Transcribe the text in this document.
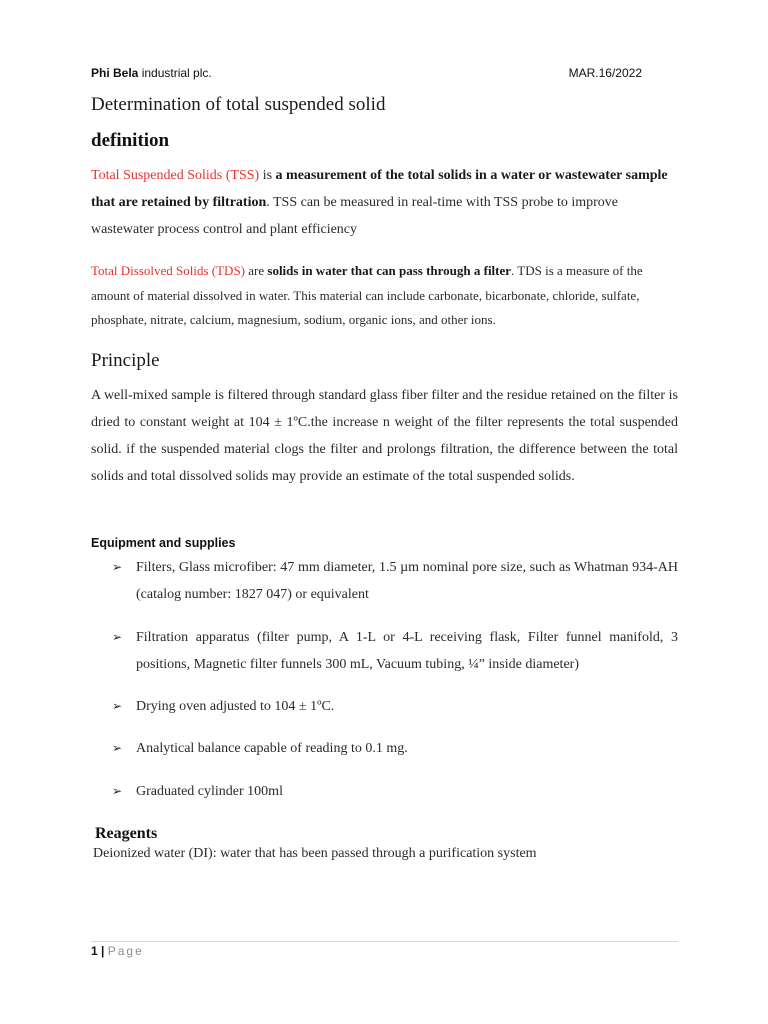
Phi Bela industrial plc.	MAR.16/2022
Determination of total suspended solid
definition

Total Suspended Solids (TSS) is a measurement of the total solids in a water or wastewater sample that are retained by filtration. TSS can be measured in real-time with TSS probe to improve wastewater process control and plant efficiency

Total Dissolved Solids (TDS) are solids in water that can pass through a filter. TDS is a measure of the amount of material dissolved in water. This material can include carbonate, bicarbonate, chloride, sulfate, phosphate, nitrate, calcium, magnesium, sodium, organic ions, and other ions.

Principle

A well-mixed sample is filtered through standard glass fiber filter and the residue retained on the filter is dried to constant weight at 104 ± 1ºC.the increase n weight of the filter represents the total suspended solid. if the suspended material clogs the filter and prolongs filtration, the difference between the total solids and total dissolved solids may provide an estimate of the total suspended solids.

Equipment and supplies
➢ Filters, Glass microfiber: 47 mm diameter, 1.5 µm nominal pore size, such as Whatman 934-AH (catalog number: 1827 047) or equivalent
➢ Filtration apparatus (filter pump, A 1-L or 4-L receiving flask, Filter funnel manifold, 3 positions, Magnetic filter funnels 300 mL, Vacuum tubing, ¼” inside diameter)
➢ Drying oven adjusted to 104 ± 1ºC.
➢ Analytical balance capable of reading to 0.1 mg.
➢ Graduated cylinder 100ml
Reagents
Deionized water (DI): water that has been passed through a purification system
1 | Page
